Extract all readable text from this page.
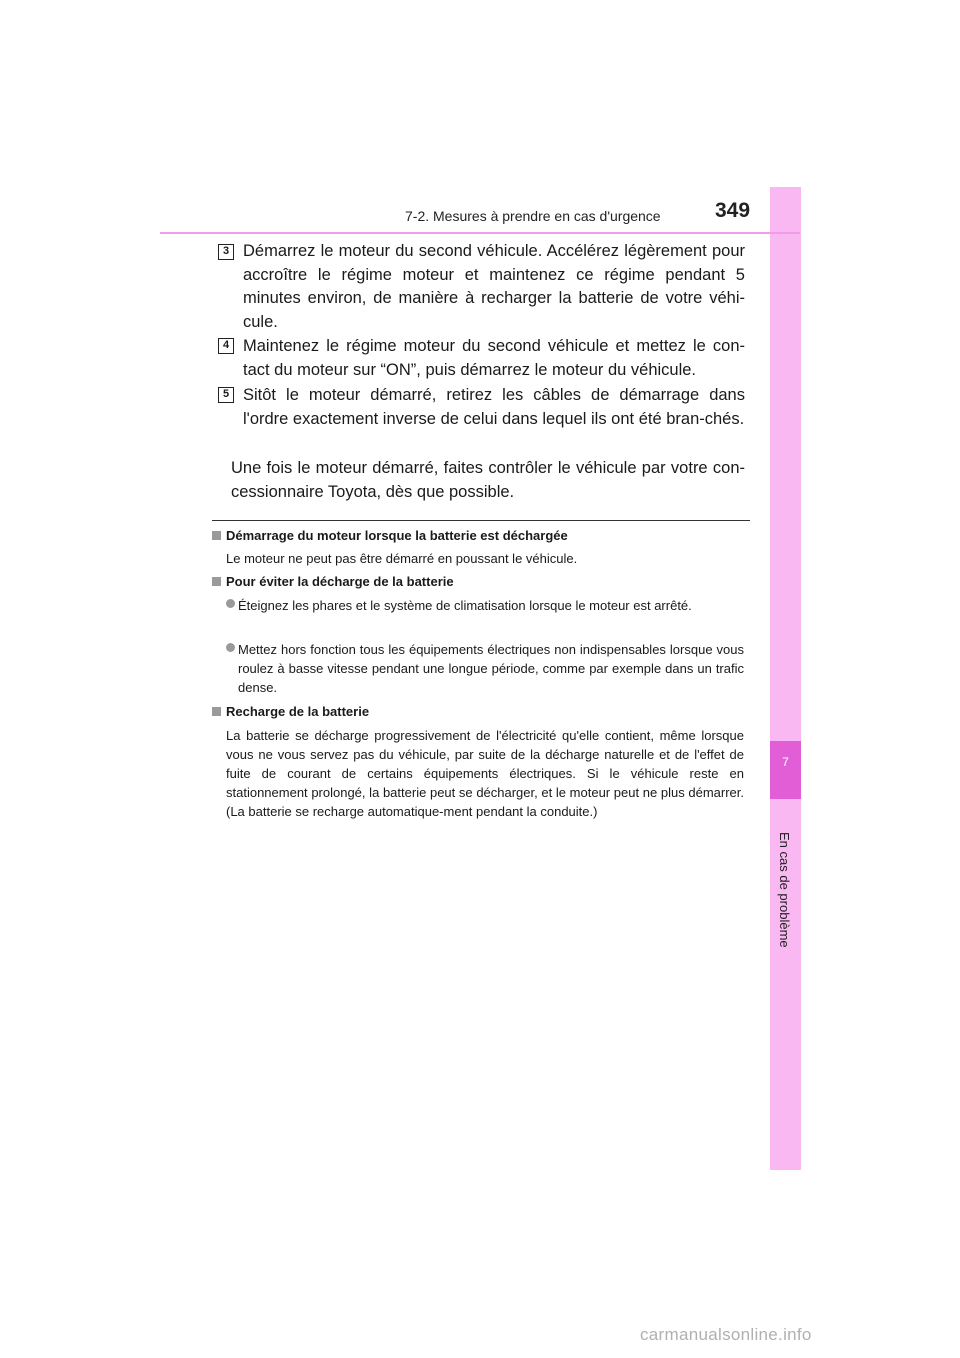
7
En cas de problème
7-2. Mesures à prendre en cas d'urgence	349
3 Démarrez le moteur du second véhicule. Accélérez légèrement pour accroître le régime moteur et maintenez ce régime pendant 5 minutes environ, de manière à recharger la batterie de votre véhi-cule.
4 Maintenez le régime moteur du second véhicule et mettez le con-tact du moteur sur “ON”, puis démarrez le moteur du véhicule.
5 Sitôt le moteur démarré, retirez les câbles de démarrage dans l'ordre exactement inverse de celui dans lequel ils ont été bran-chés.
Une fois le moteur démarré, faites contrôler le véhicule par votre con-cessionnaire Toyota, dès que possible.
Démarrage du moteur lorsque la batterie est déchargée
Le moteur ne peut pas être démarré en poussant le véhicule.
Pour éviter la décharge de la batterie
Éteignez les phares et le système de climatisation lorsque le moteur est arrêté.
Mettez hors fonction tous les équipements électriques non indispensables lorsque vous roulez à basse vitesse pendant une longue période, comme par exemple dans un trafic dense.
Recharge de la batterie
La batterie se décharge progressivement de l'électricité qu'elle contient, même lorsque vous ne vous servez pas du véhicule, par suite de la décharge naturelle et de l'effet de fuite de courant de certains équipements électriques. Si le véhicule reste en stationnement prolongé, la batterie peut se décharger, et le moteur peut ne plus démarrer. (La batterie se recharge automatique-ment pendant la conduite.)
carmanualsonline.info
